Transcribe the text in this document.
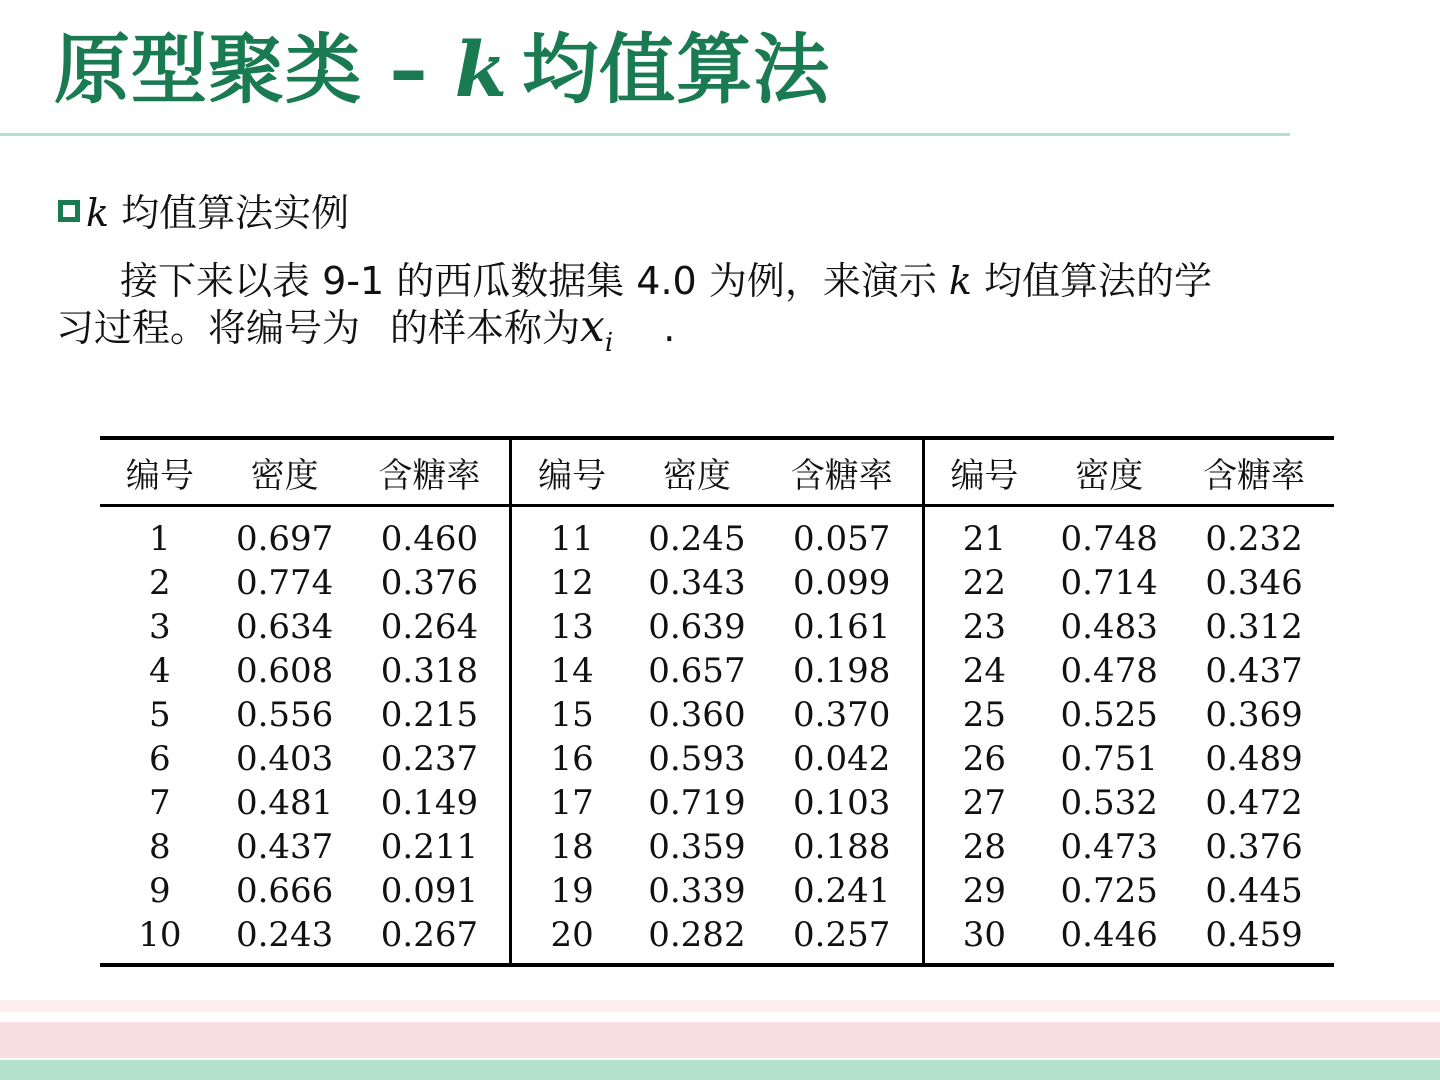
原型聚类 – k 均值算法
k 均值算法实例
接下来以表 9-1 的西瓜数据集 4.0 为例，来演示 k 均值算法的学
习过程。将编号为 的样本称为$x_i$ .
编号	密度	含糖率	编号	密度	含糖率	编号	密度	含糖率
1	0.697	0.460	11	0.245	0.057	21	0.748	0.232
2	0.774	0.376	12	0.343	0.099	22	0.714	0.346
3	0.634	0.264	13	0.639	0.161	23	0.483	0.312
4	0.608	0.318	14	0.657	0.198	24	0.478	0.437
5	0.556	0.215	15	0.360	0.370	25	0.525	0.369
6	0.403	0.237	16	0.593	0.042	26	0.751	0.489
7	0.481	0.149	17	0.719	0.103	27	0.532	0.472
8	0.437	0.211	18	0.359	0.188	28	0.473	0.376
9	0.666	0.091	19	0.339	0.241	29	0.725	0.445
10	0.243	0.267	20	0.282	0.257	30	0.446	0.459
